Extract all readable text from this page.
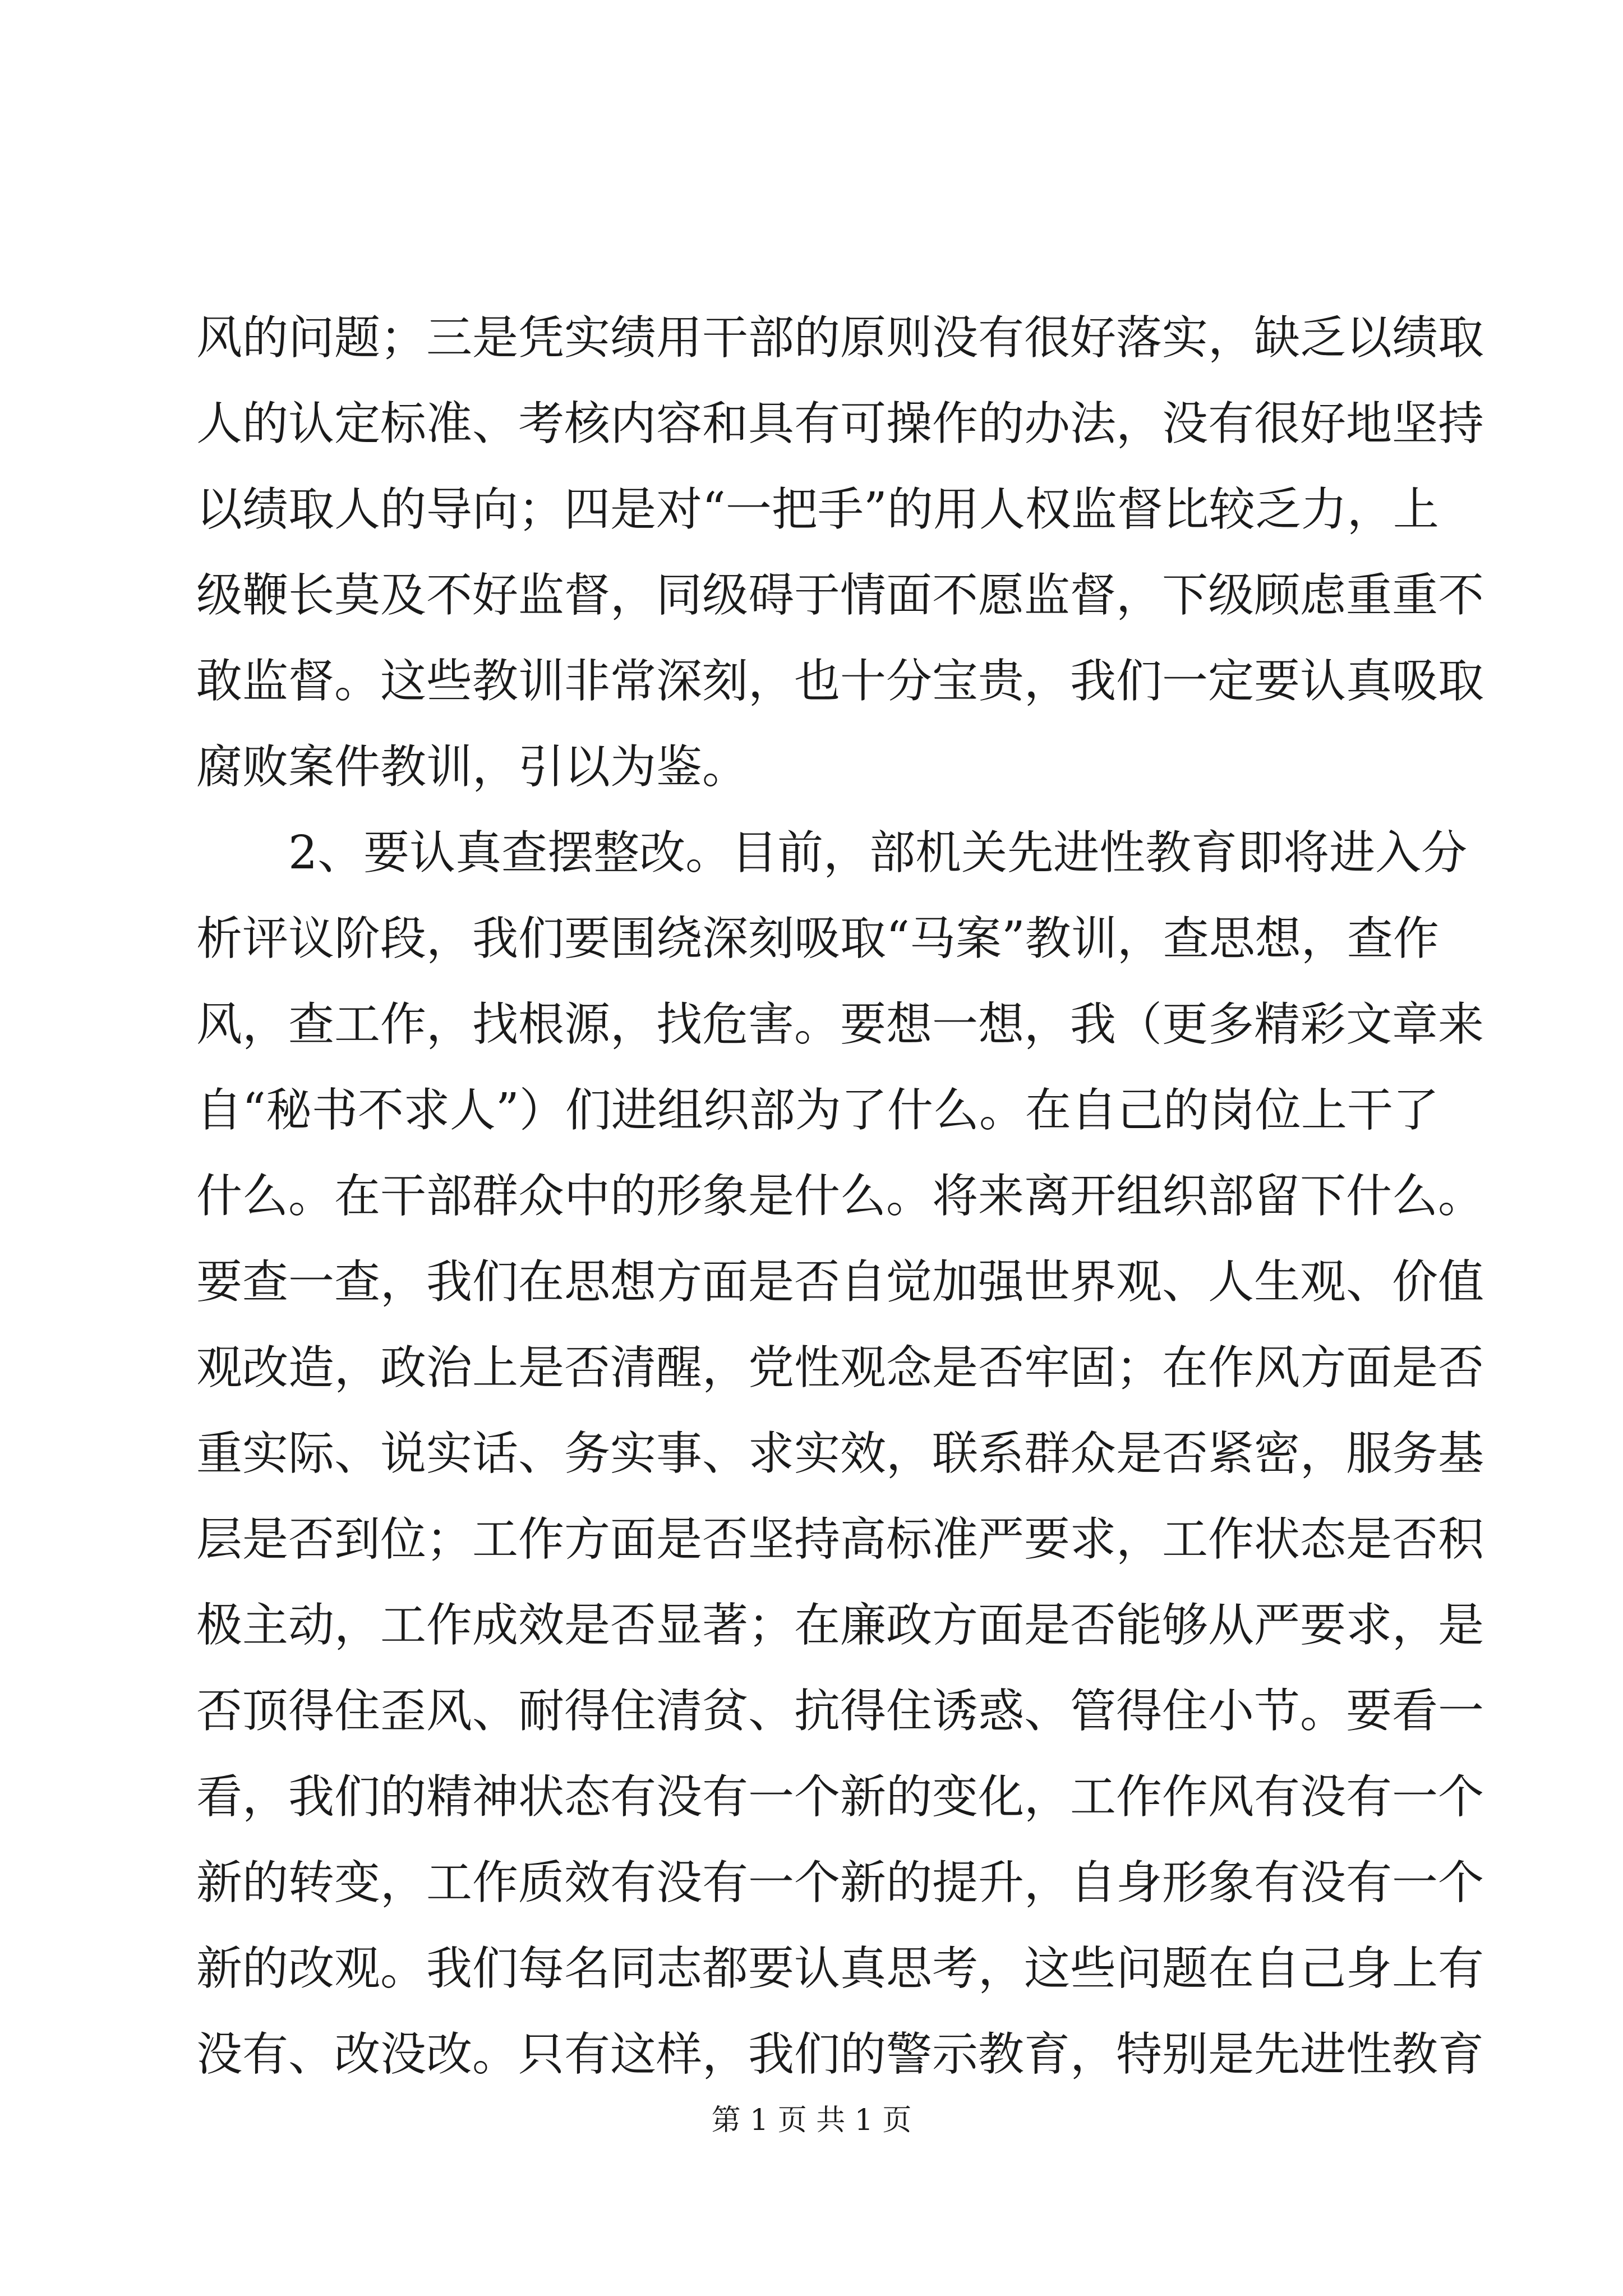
风的问题；三是凭实绩用干部的原则没有很好落实，缺乏以绩取
人的认定标准、考核内容和具有可操作的办法，没有很好地坚持
以绩取人的导向；四是对“一把手”的用人权监督比较乏力，上
级鞭长莫及不好监督，同级碍于情面不愿监督，下级顾虑重重不
敢监督。这些教训非常深刻，也十分宝贵，我们一定要认真吸取
腐败案件教训，引以为鉴。
2、要认真查摆整改。目前，部机关先进性教育即将进入分
析评议阶段，我们要围绕深刻吸取“马案”教训，查思想，查作
风，查工作，找根源，找危害。要想一想，我（更多精彩文章来
自“秘书不求人”）们进组织部为了什么。在自己的岗位上干了
什么。在干部群众中的形象是什么。将来离开组织部留下什么。
要查一查，我们在思想方面是否自觉加强世界观、人生观、价值
观改造，政治上是否清醒，党性观念是否牢固；在作风方面是否
重实际、说实话、务实事、求实效，联系群众是否紧密，服务基
层是否到位；工作方面是否坚持高标准严要求，工作状态是否积
极主动，工作成效是否显著；在廉政方面是否能够从严要求，是
否顶得住歪风、耐得住清贫、抗得住诱惑、管得住小节。要看一
看，我们的精神状态有没有一个新的变化，工作作风有没有一个
新的转变，工作质效有没有一个新的提升，自身形象有没有一个
新的改观。我们每名同志都要认真思考，这些问题在自己身上有
没有、改没改。只有这样，我们的警示教育，特别是先进性教育
第 1 页 共 1 页
